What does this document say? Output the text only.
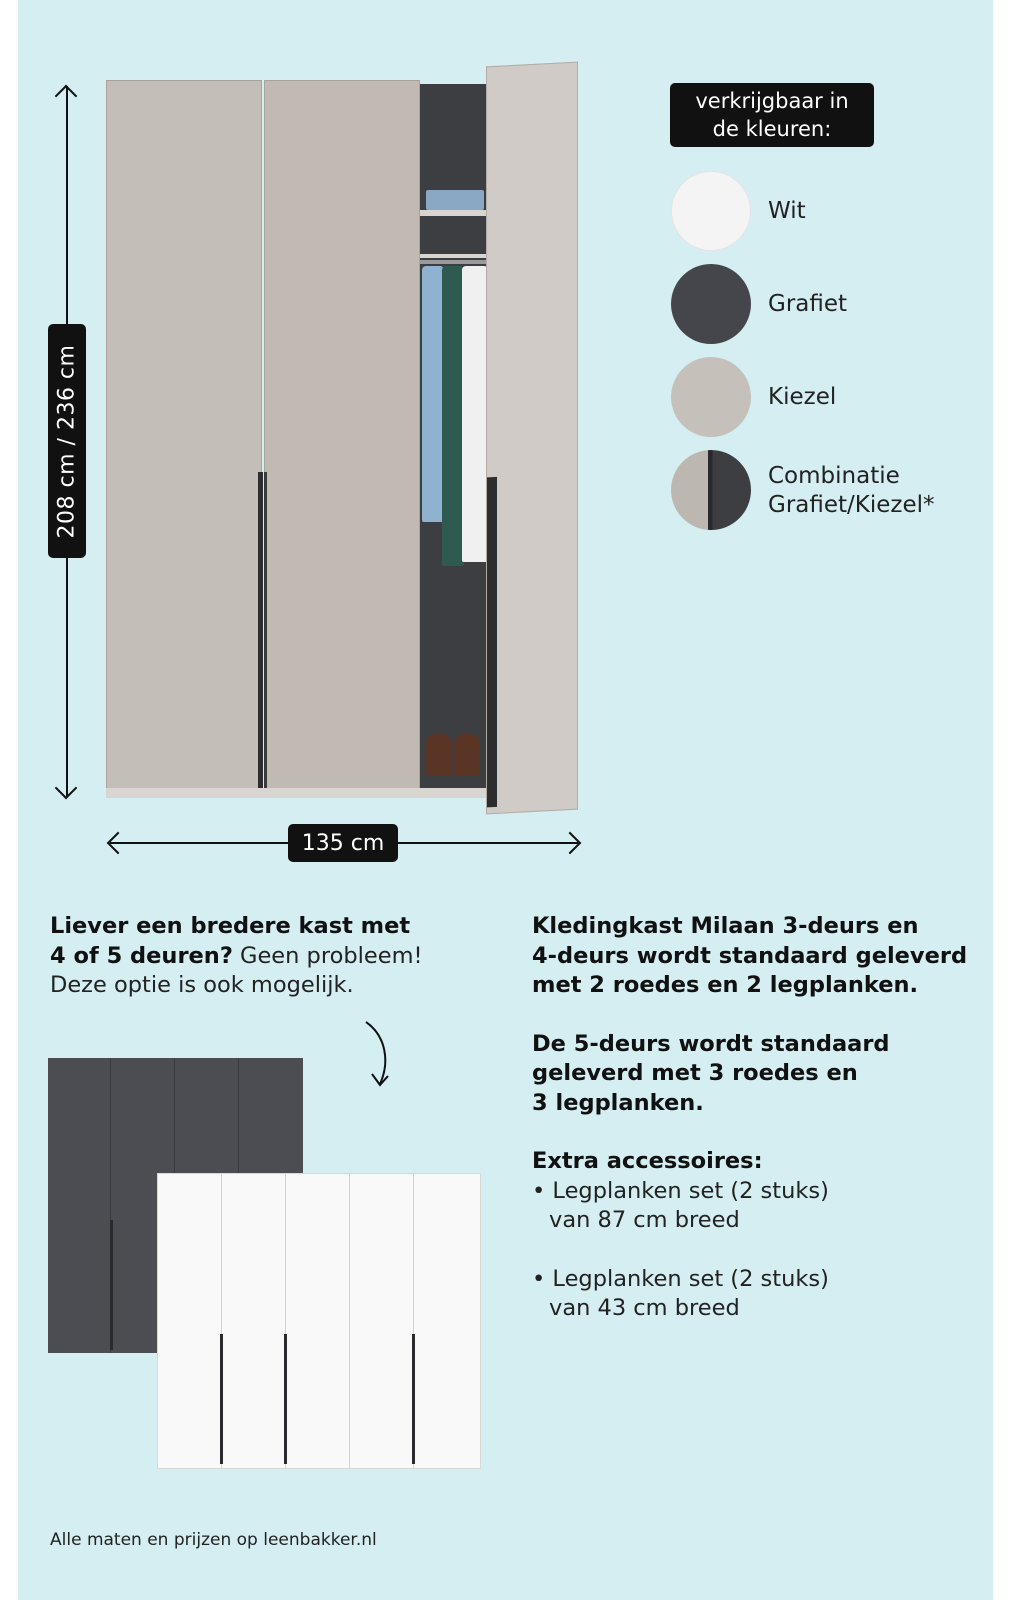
208 cm / 236 cm
135 cm
verkrijgbaar in
de kleuren:
Wit
Grafiet
Kiezel
Combinatie
Grafiet/Kiezel*
Liever een bredere kast met
4 of 5 deuren? Geen probleem!
Deze optie is ook mogelijk.
Kledingkast Milaan 3-deurs en
4-deurs wordt standaard geleverd
met 2 roedes en 2 legplanken.
De 5-deurs wordt standaard
geleverd met 3 roedes en
3 legplanken.
Extra accessoires:
• Legplanken set (2 stuks)
van 87 cm breed
• Legplanken set (2 stuks)
van 43 cm breed
Alle maten en prijzen op leenbakker.nl
